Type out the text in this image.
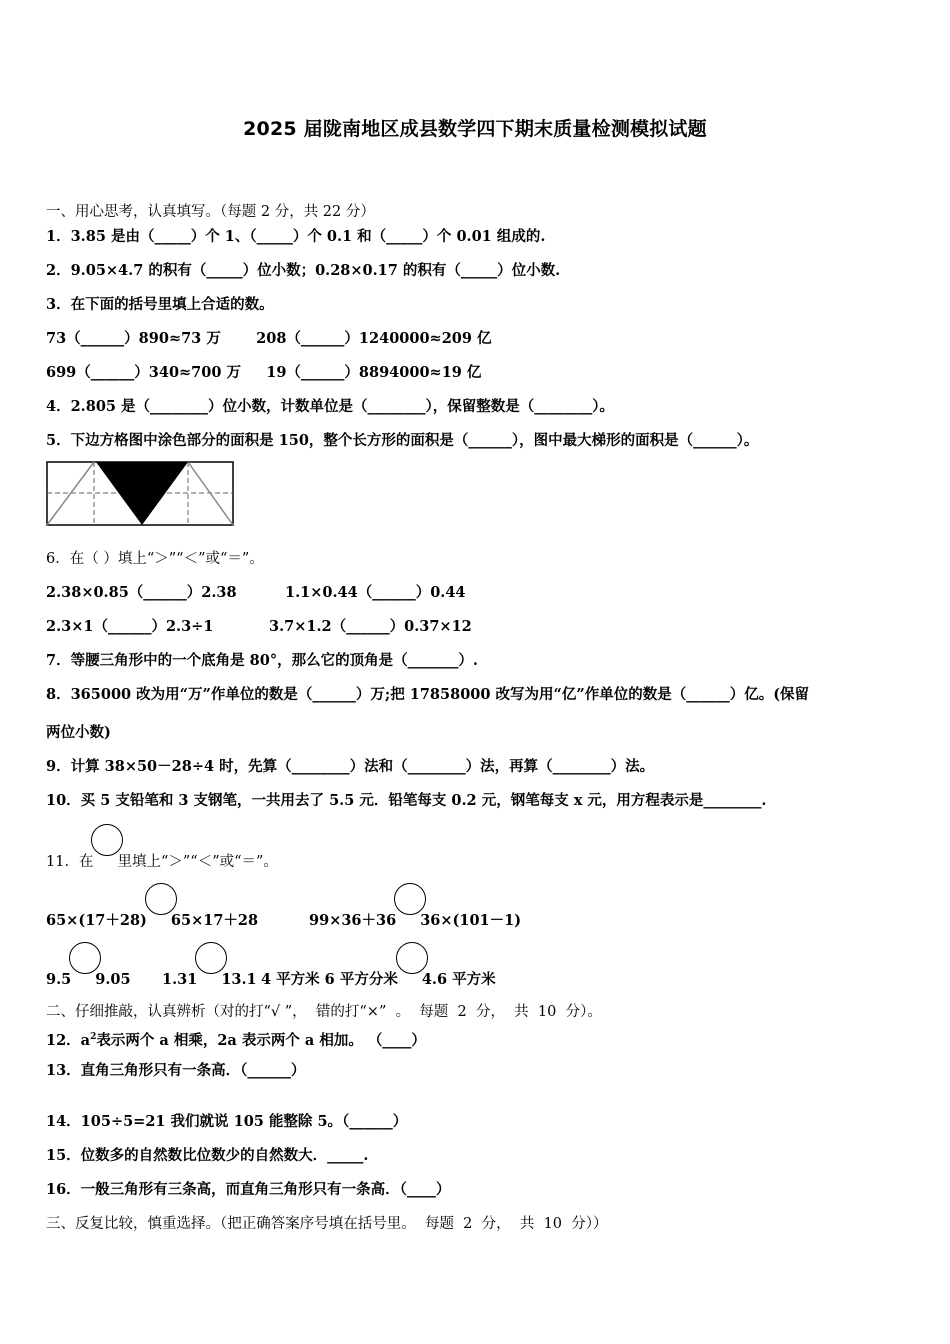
2025 届陇南地区成县数学四下期末质量检测模拟试题
一、用心思考，认真填写。（每题 2 分，共 22 分）
1．3.85 是由（_____）个 1、（_____）个 0.1 和（_____）个 0.01 组成的.
2．9.05×4.7 的积有（_____）位小数；0.28×0.17 的积有（_____）位小数.
3．在下面的括号里填上合适的数。
73（______）890≈73 万       208（______）1240000≈209 亿
699（______）340≈700 万     19（______）8894000≈19 亿
4．2.805 是（________）位小数，计数单位是（________），保留整数是（________）。
5．下边方格图中涂色部分的面积是 150，整个长方形的面积是（______），图中最大梯形的面积是（______）。
6．在（ ）填上“＞”“＜”或“＝”。
2.38×0.85（______）2.38	1.1×0.44（______）0.44
2.3×1（______）2.3÷1	3.7×1.2（______）0.37×12
7．等腰三角形中的一个底角是 80°，那么它的顶角是（_______）.
8．365000 改为用“万”作单位的数是（______）万;把 17858000 改写为用“亿”作单位的数是（______）亿。(保留
两位小数)
9．计算 38×50－28÷4 时，先算（________）法和（________）法，再算（________）法。
10．买 5 支铅笔和 3 支钢笔，一共用去了 5.5 元．铅笔每支 0.2 元，钢笔每支 x 元，用方程表示是________.
11．在 里填上“＞”“＜”或“＝”。
65×(17＋28) 65×17＋28	99×36＋36 36×(101－1)
9.5 9.05 1.31 13.1 4 平方米 6 平方分米 4.6 平方米
二、仔细推敲，认真辨析（对的打“√ ”，  错的打“×”  。  每题  2  分，  共  10  分）。
12．$a^2$表示两个 a 相乘，2a 表示两个 a 相加。 （____）
13．直角三角形只有一条高．（______）
14．105÷5=21 我们就说 105 能整除 5。（______）
15．位数多的自然数比位数少的自然数大．_____.
16．一般三角形有三条高，而直角三角形只有一条高．（____）
三、反复比较，慎重选择。（把正确答案序号填在括号里。  每题  2  分，  共  10  分））
